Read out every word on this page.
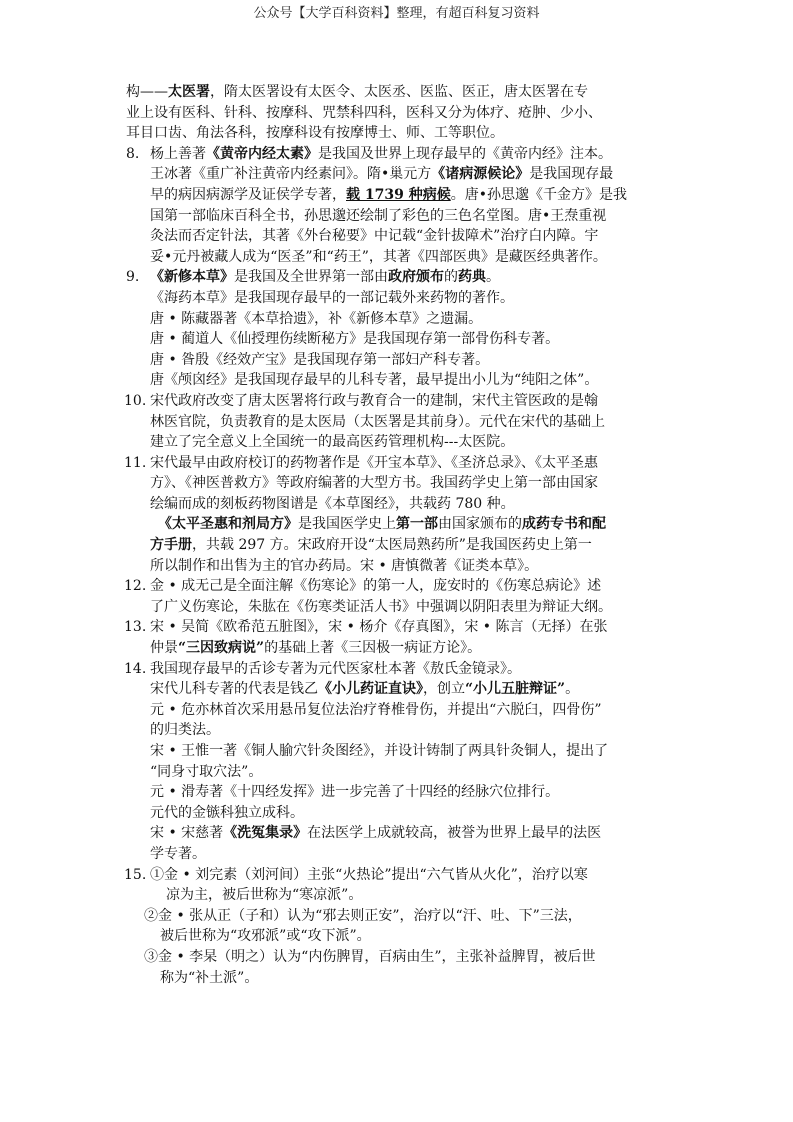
公众号【大学百科资料】整理，有超百科复习资料
构——太医署，隋太医署设有太医令、太医丞、医监、医正，唐太医署在专
业上设有医科、针科、按摩科、咒禁科四科，医科又分为体疗、疮肿、少小、
耳目口齿、角法各科，按摩科设有按摩博士、师、工等职位。
8. 杨上善著《黄帝内经太素》是我国及世界上现存最早的《黄帝内经》注本。
王冰著《重广补注黄帝内经素问》。隋•巢元方《诸病源候论》是我国现存最
早的病因病源学及证侯学专著，载 1739 种病候。唐•孙思邈《千金方》是我
国第一部临床百科全书，孙思邈还绘制了彩色的三色名堂图。唐•王焘重视
灸法而否定针法，其著《外台秘要》中记载“金针拔障术”治疗白内障。宇
妥•元丹被藏人成为“医圣”和“药王”，其著《四部医典》是藏医经典著作。
9. 《新修本草》是我国及全世界第一部由政府颁布的药典。
《海药本草》是我国现存最早的一部记载外来药物的著作。
唐 • 陈藏器著《本草拾遗》，补《新修本草》之遗漏。
唐 • 蔺道人《仙授理伤续断秘方》是我国现存第一部骨伤科专著。
唐 • 昝殷《经效产宝》是我国现存第一部妇产科专著。
唐《颅囟经》是我国现存最早的儿科专著，最早提出小儿为“纯阳之体”。
10. 宋代政府改变了唐太医署将行政与教育合一的建制，宋代主管医政的是翰
林医官院，负责教育的是太医局（太医署是其前身）。元代在宋代的基础上
建立了完全意义上全国统一的最高医药管理机构---太医院。
11. 宋代最早由政府校订的药物著作是《开宝本草》、《圣济总录》、《太平圣惠
方》、《神医普救方》等政府编著的大型方书。我国药学史上第一部由国家
绘编而成的刻板药物图谱是《本草图经》，共载药 780 种。
《太平圣惠和剂局方》是我国医学史上第一部由国家颁布的成药专书和配
方手册，共载 297 方。宋政府开设“太医局熟药所”是我国医药史上第一
所以制作和出售为主的官办药局。宋 • 唐慎微著《证类本草》。
12. 金 • 成无己是全面注解《伤寒论》的第一人，庞安时的《伤寒总病论》述
了广义伤寒论，朱肱在《伤寒类证活人书》中强调以阴阳表里为辩证大纲。
13. 宋 • 吴简《欧希范五脏图》，宋 • 杨介《存真图》，宋 • 陈言（无择）在张
仲景“三因致病说”的基础上著《三因极一病证方论》。
14. 我国现存最早的舌诊专著为元代医家杜本著《敖氏金镜录》。
宋代儿科专著的代表是钱乙《小儿药证直诀》，创立“小儿五脏辩证”。
元 • 危亦林首次采用悬吊复位法治疗脊椎骨伤，并提出“六脱臼，四骨伤”
的归类法。
宋 • 王惟一著《铜人腧穴针灸图经》，并设计铸制了两具针灸铜人，提出了
“同身寸取穴法”。
元 • 滑寿著《十四经发挥》进一步完善了十四经的经脉穴位排行。
元代的金镞科独立成科。
宋 • 宋慈著《洗冤集录》在法医学上成就较高，被誉为世界上最早的法医
学专著。
15. ①金 • 刘完素（刘河间）主张“火热论”提出“六气皆从火化”，治疗以寒
凉为主，被后世称为“寒凉派”。
②金 • 张从正（子和）认为“邪去则正安”，治疗以“汗、吐、下”三法，
被后世称为“攻邪派”或“攻下派”。
③金 • 李杲（明之）认为“内伤脾胃，百病由生”，主张补益脾胃，被后世
称为“补土派”。
